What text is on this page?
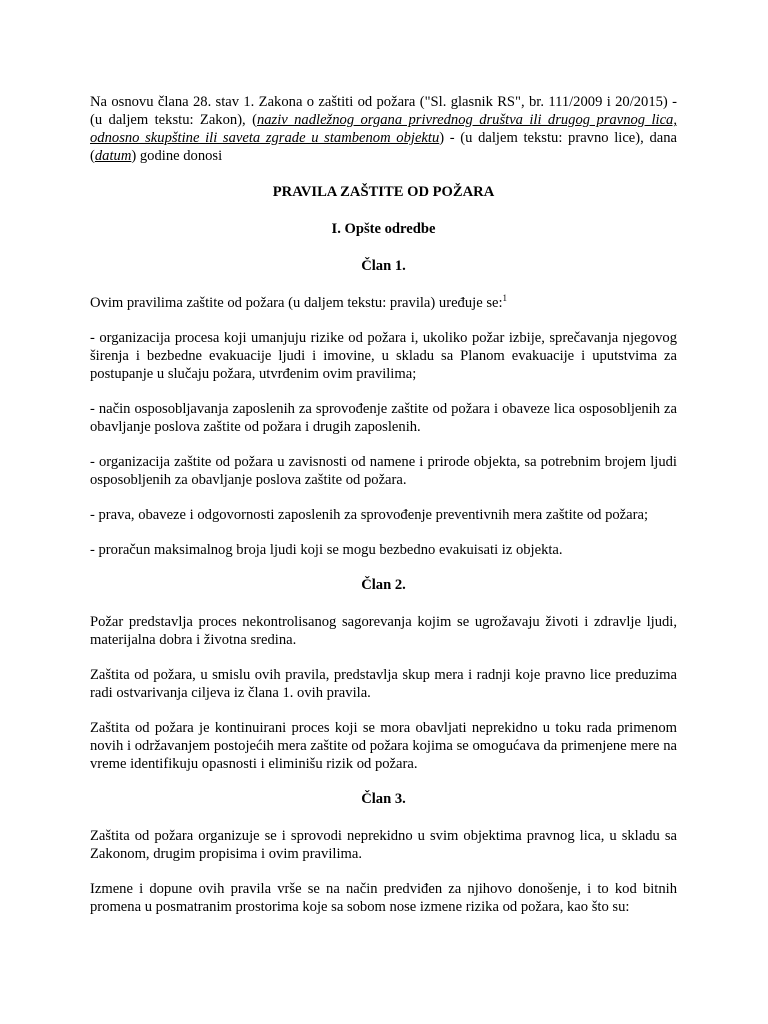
Na osnovu člana 28. stav 1. Zakona o zaštiti od požara ("Sl. glasnik RS", br. 111/2009 i 20/2015) - (u daljem tekstu: Zakon), (naziv nadležnog organa privrednog društva ili drugog pravnog lica, odnosno skupštine ili saveta zgrade u stambenom objektu) - (u daljem tekstu: pravno lice), dana (datum) godine donosi

PRAVILA ZAŠTITE OD POŽARA
I. Opšte odredbe
Član 1.

Ovim pravilima zaštite od požara (u daljem tekstu: pravila) uređuje se:$^1$

- organizacija procesa koji umanjuju rizike od požara i, ukoliko požar izbije, sprečavanja njegovog širenja i bezbedne evakuacije ljudi i imovine, u skladu sa Planom evakuacije i uputstvima za postupanje u slučaju požara, utvrđenim ovim pravilima;

- način osposobljavanja zaposlenih za sprovođenje zaštite od požara i obaveze lica osposobljenih za obavljanje poslova zaštite od požara i drugih zaposlenih.

- organizacija zaštite od požara u zavisnosti od namene i prirode objekta, sa potrebnim brojem ljudi osposobljenih za obavljanje poslova zaštite od požara.

- prava, obaveze i odgovornosti zaposlenih za sprovođenje preventivnih mera zaštite od požara;

- proračun maksimalnog broja ljudi koji se mogu bezbedno evakuisati iz objekta.

Član 2.

Požar predstavlja proces nekontrolisanog sagorevanja kojim se ugrožavaju životi i zdravlje ljudi, materijalna dobra i životna sredina.

Zaštita od požara, u smislu ovih pravila, predstavlja skup mera i radnji koje pravno lice preduzima radi ostvarivanja ciljeva iz člana 1. ovih pravila.

Zaštita od požara je kontinuirani proces koji se mora obavljati neprekidno u toku rada primenom novih i održavanjem postojećih mera zaštite od požara kojima se omogućava da primenjene mere na vreme identifikuju opasnosti i eliminišu rizik od požara.

Član 3.

Zaštita od požara organizuje se i sprovodi neprekidno u svim objektima pravnog lica, u skladu sa Zakonom, drugim propisima i ovim pravilima.

Izmene i dopune ovih pravila vrše se na način predviđen za njihovo donošenje, i to kod bitnih promena u posmatranim prostorima koje sa sobom nose izmene rizika od požara, kao što su:
